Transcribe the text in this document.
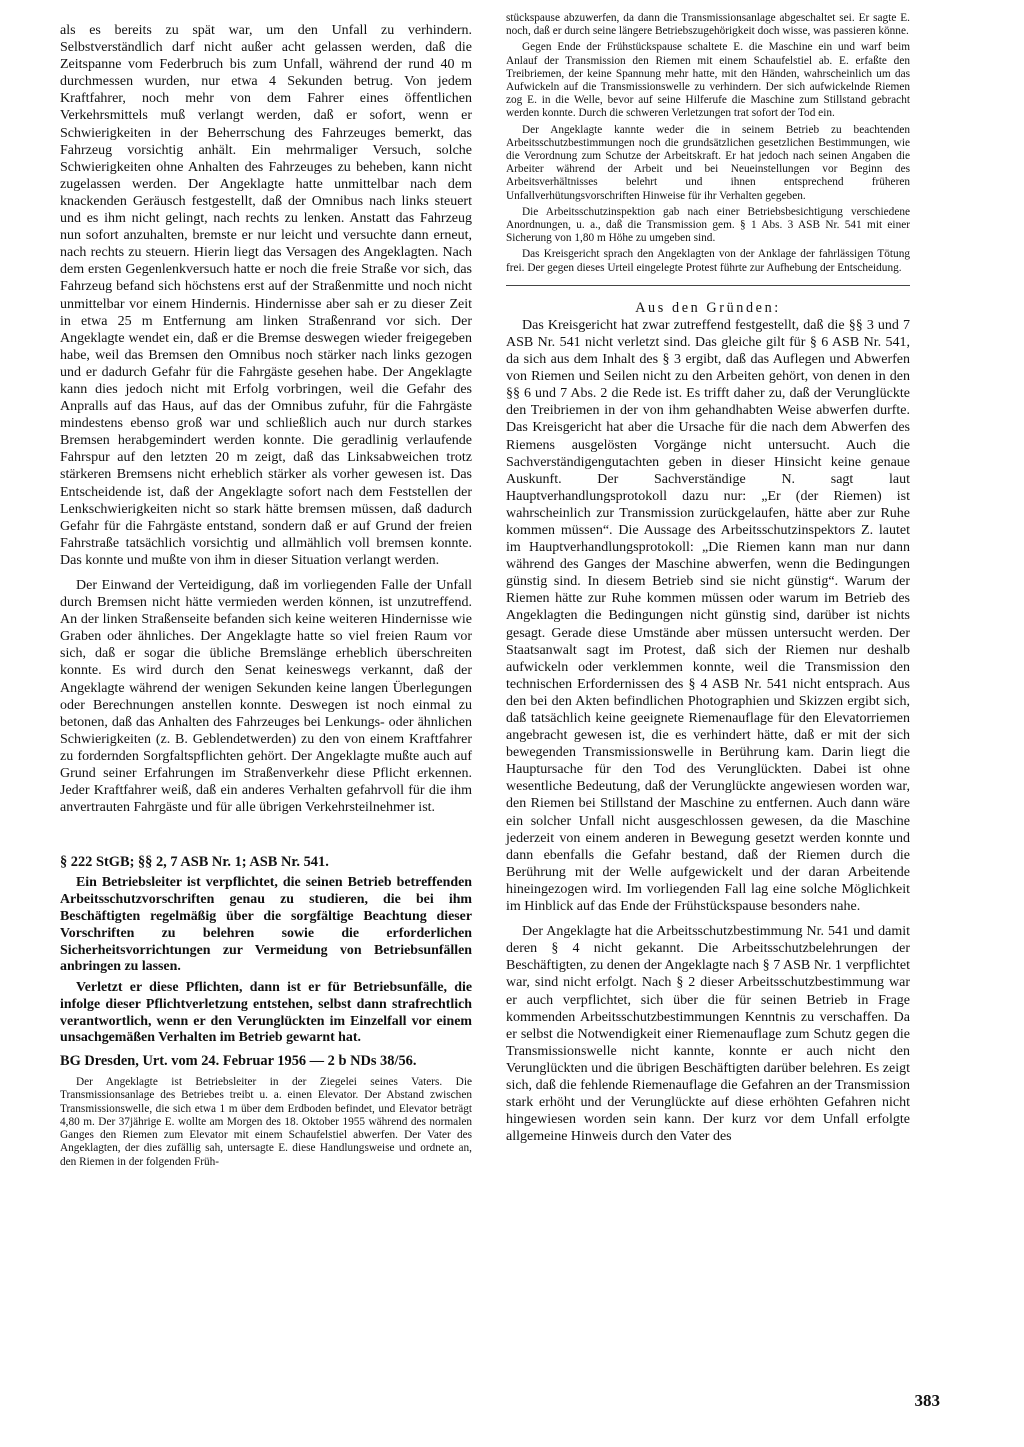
als es bereits zu spät war, um den Unfall zu verhindern. Selbstverständlich darf nicht außer acht gelassen werden, daß die Zeitspanne vom Federbruch bis zum Unfall, während der rund 40 m durchmessen wurden, nur etwa 4 Sekunden betrug. Von jedem Kraftfahrer, noch mehr von dem Fahrer eines öffentlichen Verkehrsmittels muß verlangt werden, daß er sofort, wenn er Schwierigkeiten in der Beherrschung des Fahrzeuges bemerkt, das Fahrzeug vorsichtig anhält. Ein mehrmaliger Versuch, solche Schwierigkeiten ohne Anhalten des Fahrzeuges zu beheben, kann nicht zugelassen werden. Der Angeklagte hatte unmittelbar nach dem knackenden Geräusch festgestellt, daß der Omnibus nach links steuert und es ihm nicht gelingt, nach rechts zu lenken. Anstatt das Fahrzeug nun sofort anzuhalten, bremste er nur leicht und versuchte dann erneut, nach rechts zu steuern. Hierin liegt das Versagen des Angeklagten. Nach dem ersten Gegenlenkversuch hatte er noch die freie Straße vor sich, das Fahrzeug befand sich höchstens erst auf der Straßenmitte und noch nicht unmittelbar vor einem Hindernis. Hindernisse aber sah er zu dieser Zeit in etwa 25 m Entfernung am linken Straßenrand vor sich. Der Angeklagte wendet ein, daß er die Bremse deswegen wieder freigegeben habe, weil das Bremsen den Omnibus noch stärker nach links gezogen und er dadurch Gefahr für die Fahrgäste gesehen habe. Der Angeklagte kann dies jedoch nicht mit Erfolg vorbringen, weil die Gefahr des Anpralls auf das Haus, auf das der Omnibus zufuhr, für die Fahrgäste mindestens ebenso groß war und schließlich auch nur durch starkes Bremsen herabgemindert werden konnte. Die geradlinig verlaufende Fahrspur auf den letzten 20 m zeigt, daß das Linksabweichen trotz stärkeren Bremsens nicht erheblich stärker als vorher gewesen ist. Das Entscheidende ist, daß der Angeklagte sofort nach dem Feststellen der Lenkschwierigkeiten nicht so stark hätte bremsen müssen, daß dadurch Gefahr für die Fahrgäste entstand, sondern daß er auf Grund der freien Fahrstraße tatsächlich vorsichtig und allmählich voll bremsen konnte. Das konnte und mußte von ihm in dieser Situation verlangt werden.

Der Einwand der Verteidigung, daß im vorliegenden Falle der Unfall durch Bremsen nicht hätte vermieden werden können, ist unzutreffend. An der linken Straßenseite befanden sich keine weiteren Hindernisse wie Graben oder ähnliches. Der Angeklagte hatte so viel freien Raum vor sich, daß er sogar die übliche Bremslänge erheblich überschreiten konnte. Es wird durch den Senat keineswegs verkannt, daß der Angeklagte während der wenigen Sekunden keine langen Überlegungen oder Berechnungen anstellen konnte. Deswegen ist noch einmal zu betonen, daß das Anhalten des Fahrzeuges bei Lenkungs- oder ähnlichen Schwierigkeiten (z. B. Geblendetwerden) zu den von einem Kraftfahrer zu fordernden Sorgfaltspflichten gehört. Der Angeklagte mußte auch auf Grund seiner Erfahrungen im Straßenverkehr diese Pflicht erkennen. Jeder Kraftfahrer weiß, daß ein anderes Verhalten gefahrvoll für die ihm anvertrauten Fahrgäste und für alle übrigen Verkehrsteilnehmer ist.

§ 222 StGB; §§ 2, 7 ASB Nr. 1; ASB Nr. 541.

Ein Betriebsleiter ist verpflichtet, die seinen Betrieb betreffenden Arbeitsschutzvorschriften genau zu studieren, die bei ihm Beschäftigten regelmäßig über die sorgfältige Beachtung dieser Vorschriften zu belehren sowie die erforderlichen Sicherheitsvorrichtungen zur Vermeidung von Betriebsunfällen anbringen zu lassen.

Verletzt er diese Pflichten, dann ist er für Betriebsunfälle, die infolge dieser Pflichtverletzung entstehen, selbst dann strafrechtlich verantwortlich, wenn er den Verunglückten im Einzelfall vor einem unsachgemäßen Verhalten im Betrieb gewarnt hat.

BG Dresden, Urt. vom 24. Februar 1956 — 2 b NDs 38/56.

Der Angeklagte ist Betriebsleiter in der Ziegelei seines Vaters. Die Transmissionsanlage des Betriebes treibt u. a. einen Elevator. Der Abstand zwischen Transmissionswelle, die sich etwa 1 m über dem Erdboden befindet, und Elevator beträgt 4,80 m. Der 37jährige E. wollte am Morgen des 18. Oktober 1955 während des normalen Ganges den Riemen zum Elevator mit einem Schaufelstiel abwerfen. Der Vater des Angeklagten, der dies zufällig sah, untersagte E. diese Handlungsweise und ordnete an, den Riemen in der folgenden Früh-

stückspause abzuwerfen, da dann die Transmissionsanlage abgeschaltet sei. Er sagte E. noch, daß er durch seine längere Betriebszugehörigkeit doch wisse, was passieren könne.

Gegen Ende der Frühstückspause schaltete E. die Maschine ein und warf beim Anlauf der Transmission den Riemen mit einem Schaufelstiel ab. E. erfaßte den Treibriemen, der keine Spannung mehr hatte, mit den Händen, wahrscheinlich um das Aufwickeln auf die Transmissionswelle zu verhindern. Der sich aufwickelnde Riemen zog E. in die Welle, bevor auf seine Hilferufe die Maschine zum Stillstand gebracht werden konnte. Durch die schweren Verletzungen trat sofort der Tod ein.

Der Angeklagte kannte weder die in seinem Betrieb zu beachtenden Arbeitsschutzbestimmungen noch die grundsätzlichen gesetzlichen Bestimmungen, wie die Verordnung zum Schutze der Arbeitskraft. Er hat jedoch nach seinen Angaben die Arbeiter während der Arbeit und bei Neueinstellungen vor Beginn des Arbeitsverhältnisses belehrt und ihnen entsprechend früheren Unfallverhütungsvorschriften Hinweise für ihr Verhalten gegeben.

Die Arbeitsschutzinspektion gab nach einer Betriebsbesichtigung verschiedene Anordnungen, u. a., daß die Transmission gem. § 1 Abs. 3 ASB Nr. 541 mit einer Sicherung von 1,80 m Höhe zu umgeben sind.

Das Kreisgericht sprach den Angeklagten von der Anklage der fahrlässigen Tötung frei. Der gegen dieses Urteil eingelegte Protest führte zur Aufhebung der Entscheidung.

Aus den Gründen:

Das Kreisgericht hat zwar zutreffend festgestellt, daß die §§ 3 und 7 ASB Nr. 541 nicht verletzt sind. Das gleiche gilt für § 6 ASB Nr. 541, da sich aus dem Inhalt des § 3 ergibt, daß das Auflegen und Abwerfen von Riemen und Seilen nicht zu den Arbeiten gehört, von denen in den §§ 6 und 7 Abs. 2 die Rede ist. Es trifft daher zu, daß der Verunglückte den Treibriemen in der von ihm gehandhabten Weise abwerfen durfte. Das Kreisgericht hat aber die Ursache für die nach dem Abwerfen des Riemens ausgelösten Vorgänge nicht untersucht. Auch die Sachverständigengutachten geben in dieser Hinsicht keine genaue Auskunft. Der Sachverständige N. sagt laut Hauptverhandlungsprotokoll dazu nur: „Er (der Riemen) ist wahrscheinlich zur Transmission zurückgelaufen, hätte aber zur Ruhe kommen müssen“. Die Aussage des Arbeitsschutzinspektors Z. lautet im Hauptverhandlungsprotokoll: „Die Riemen kann man nur dann während des Ganges der Maschine abwerfen, wenn die Bedingungen günstig sind. In diesem Betrieb sind sie nicht günstig“. Warum der Riemen hätte zur Ruhe kommen müssen oder warum im Betrieb des Angeklagten die Bedingungen nicht günstig sind, darüber ist nichts gesagt. Gerade diese Umstände aber müssen untersucht werden. Der Staatsanwalt sagt im Protest, daß sich der Riemen nur deshalb aufwickeln oder verklemmen konnte, weil die Transmission den technischen Erfordernissen des § 4 ASB Nr. 541 nicht entsprach. Aus den bei den Akten befindlichen Photographien und Skizzen ergibt sich, daß tatsächlich keine geeignete Riemenauflage für den Elevatorriemen angebracht gewesen ist, die es verhindert hätte, daß er mit der sich bewegenden Transmissionswelle in Berührung kam. Darin liegt die Hauptursache für den Tod des Verunglückten. Dabei ist ohne wesentliche Bedeutung, daß der Verunglückte angewiesen worden war, den Riemen bei Stillstand der Maschine zu entfernen. Auch dann wäre ein solcher Unfall nicht ausgeschlossen gewesen, da die Maschine jederzeit von einem anderen in Bewegung gesetzt werden konnte und dann ebenfalls die Gefahr bestand, daß der Riemen durch die Berührung mit der Welle aufgewickelt und der daran Arbeitende hineingezogen wird. Im vorliegenden Fall lag eine solche Möglichkeit im Hinblick auf das Ende der Frühstückspause besonders nahe.

Der Angeklagte hat die Arbeitsschutzbestimmung Nr. 541 und damit deren § 4 nicht gekannt. Die Arbeitsschutzbelehrungen der Beschäftigten, zu denen der Angeklagte nach § 7 ASB Nr. 1 verpflichtet war, sind nicht erfolgt. Nach § 2 dieser Arbeitsschutzbestimmung war er auch verpflichtet, sich über die für seinen Betrieb in Frage kommenden Arbeitsschutzbestimmungen Kenntnis zu verschaffen. Da er selbst die Notwendigkeit einer Riemenauflage zum Schutz gegen die Transmissionswelle nicht kannte, konnte er auch nicht den Verunglückten und die übrigen Beschäftigten darüber belehren. Es zeigt sich, daß die fehlende Riemenauflage die Gefahren an der Transmission stark erhöht und der Verunglückte auf diese erhöhten Gefahren nicht hingewiesen worden sein kann. Der kurz vor dem Unfall erfolgte allgemeine Hinweis durch den Vater des

383
